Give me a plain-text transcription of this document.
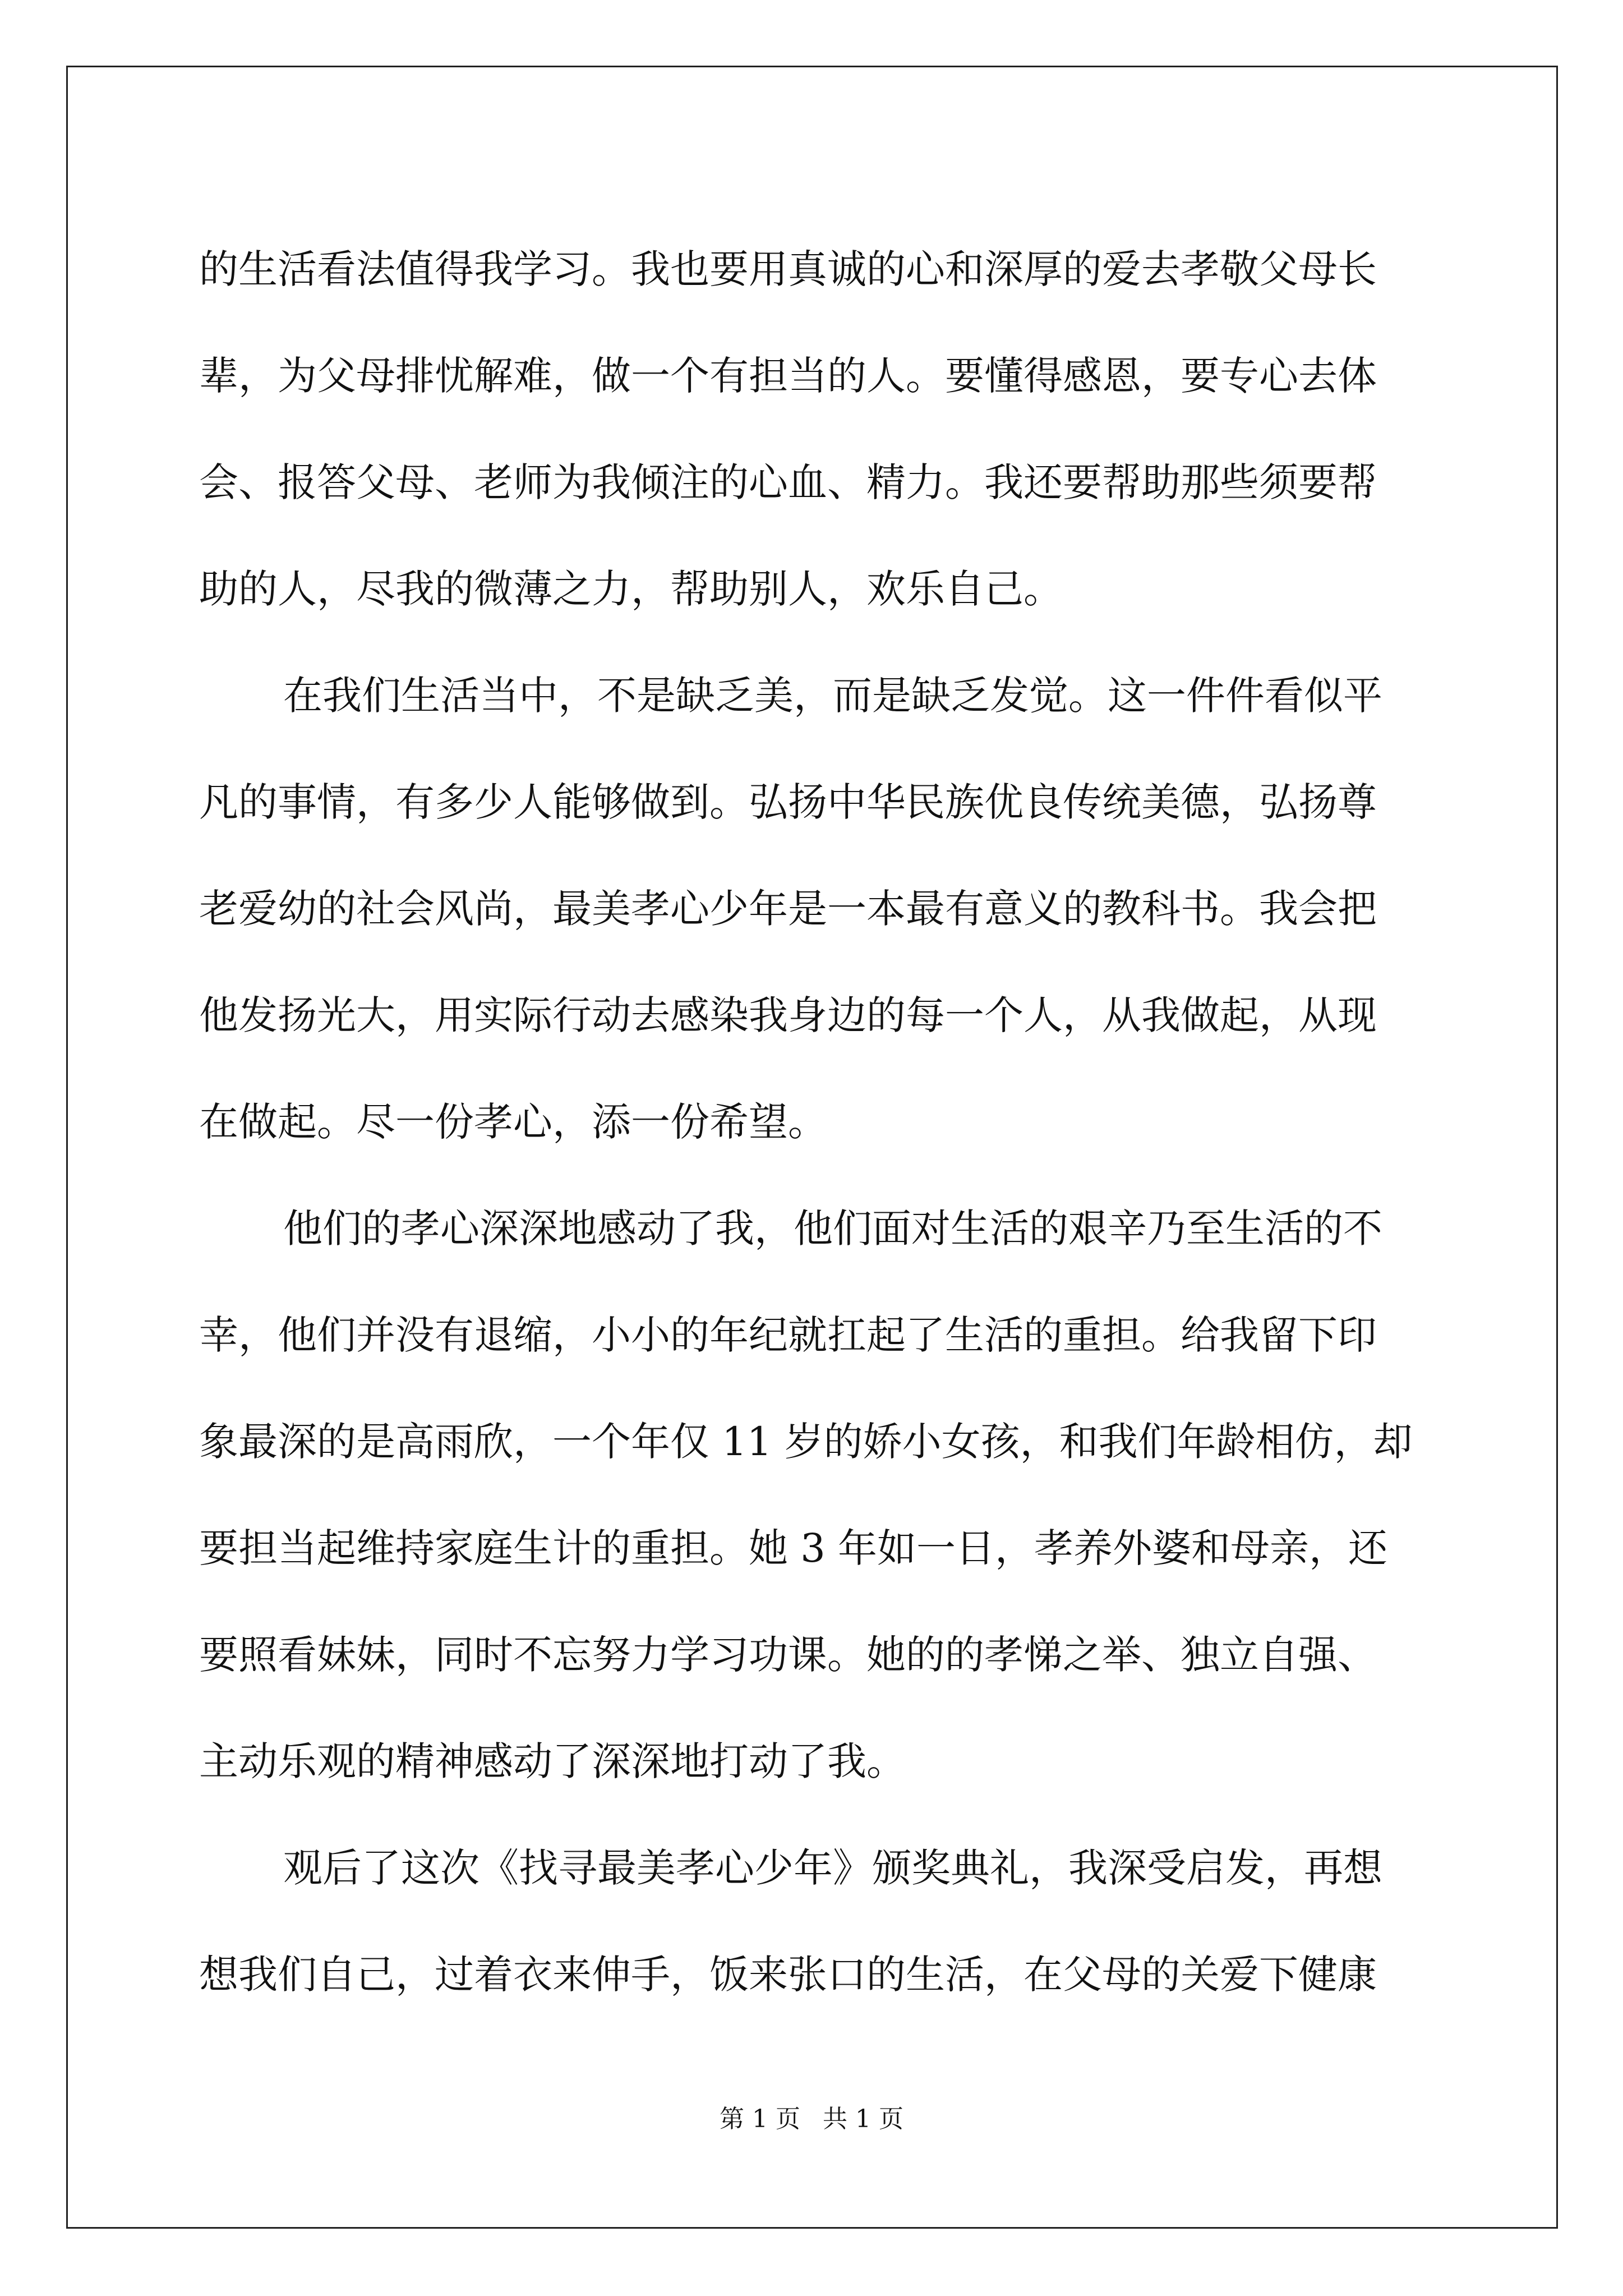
的生活看法值得我学习。我也要用真诚的心和深厚的爱去孝敬父母长
辈，为父母排忧解难，做一个有担当的人。要懂得感恩，要专心去体
会、报答父母、老师为我倾注的心血、精力。我还要帮助那些须要帮
助的人，尽我的微薄之力，帮助别人，欢乐自己。
在我们生活当中，不是缺乏美，而是缺乏发觉。这一件件看似平
凡的事情，有多少人能够做到。弘扬中华民族优良传统美德，弘扬尊
老爱幼的社会风尚，最美孝心少年是一本最有意义的教科书。我会把
他发扬光大，用实际行动去感染我身边的每一个人，从我做起，从现
在做起。尽一份孝心，添一份希望。
他们的孝心深深地感动了我，他们面对生活的艰辛乃至生活的不
幸，他们并没有退缩，小小的年纪就扛起了生活的重担。给我留下印
象最深的是高雨欣，一个年仅 11 岁的娇小女孩，和我们年龄相仿，却
要担当起维持家庭生计的重担。她 3 年如一日，孝养外婆和母亲，还
要照看妹妹，同时不忘努力学习功课。她的的孝悌之举、独立自强、
主动乐观的精神感动了深深地打动了我。
观后了这次《找寻最美孝心少年》颁奖典礼，我深受启发，再想
想我们自己，过着衣来伸手，饭来张口的生活，在父母的关爱下健康
第 1 页 共 1 页
